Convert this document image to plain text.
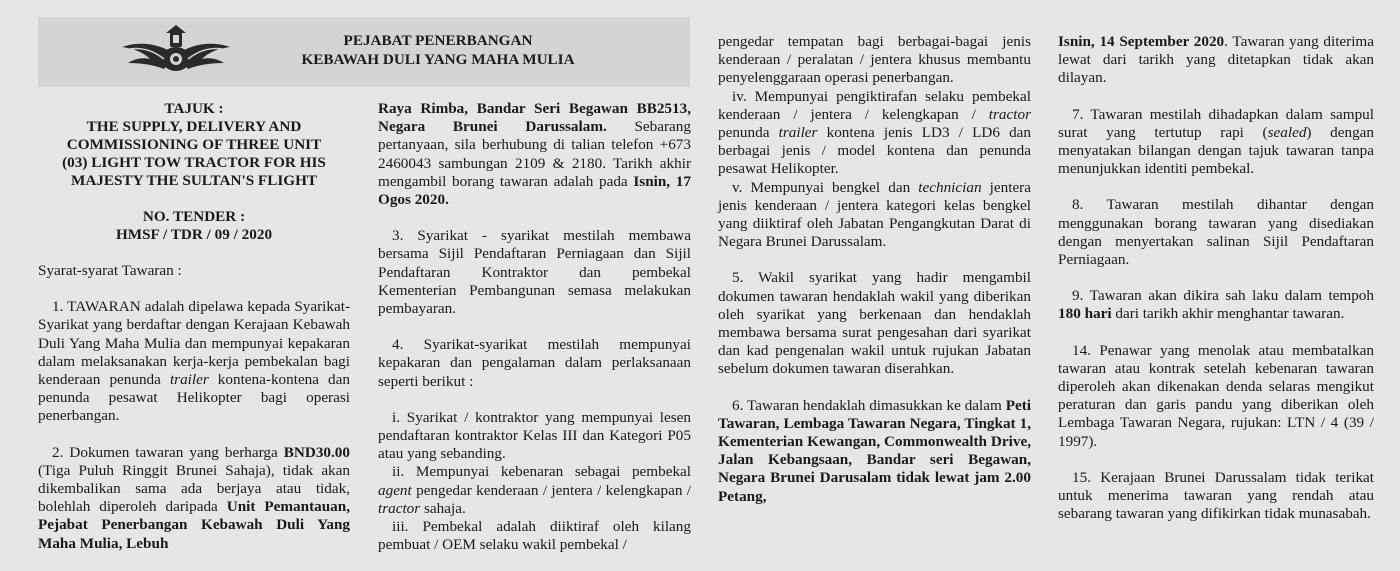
PEJABAT PENERBANGAN
KEBAWAH DULI YANG MAHA MULIA
TAJUK :
THE SUPPLY, DELIVERY AND
COMMISSIONING OF THREE UNIT
(03) LIGHT TOW TRACTOR FOR HIS
MAJESTY THE SULTAN'S FLIGHT
NO. TENDER :
HMSF / TDR / 09 / 2020

Syarat-syarat Tawaran :

1. TAWARAN adalah dipelawa kepada Syarikat-Syarikat yang berdaftar dengan Kerajaan Kebawah Duli Yang Maha Mulia dan mempunyai kepakaran dalam melaksanakan kerja-kerja pembekalan bagi kenderaan penunda trailer kontena-kontena dan penunda pesawat Helikopter bagi operasi penerbangan.

2. Dokumen tawaran yang berharga BND30.00 (Tiga Puluh Ringgit Brunei Sahaja), tidak akan dikembalikan sama ada berjaya atau tidak, bolehlah diperoleh daripada Unit Pemantauan, Pejabat Penerbangan Kebawah Duli Yang Maha Mulia, Lebuh

Raya Rimba, Bandar Seri Begawan BB2513, Negara Brunei Darussalam. Sebarang pertanyaan, sila berhubung di talian telefon +673 2460043 sambungan 2109 & 2180. Tarikh akhir mengambil borang tawaran adalah pada Isnin, 17 Ogos 2020.

3. Syarikat - syarikat mestilah membawa bersama Sijil Pendaftaran Perniagaan dan Sijil Pendaftaran Kontraktor dan pembekal Kementerian Pembangunan semasa melakukan pembayaran.

4. Syarikat-syarikat mestilah mempunyai kepakaran dan pengalaman dalam perlaksanaan seperti berikut :

i. Syarikat / kontraktor yang mempunyai lesen pendaftaran kontraktor Kelas III dan Kategori P05 atau yang sebanding.

ii. Mempunyai kebenaran sebagai pembekal agent pengedar kenderaan / jentera / kelengkapan / tractor sahaja.

iii. Pembekal adalah diiktiraf oleh kilang pembuat / OEM selaku wakil pembekal /

pengedar tempatan bagi berbagai-bagai jenis kenderaan / peralatan / jentera khusus membantu penyelenggaraan operasi penerbangan.

iv. Mempunyai pengiktirafan selaku pembekal kenderaan / jentera / kelengkapan / tractor penunda trailer kontena jenis LD3 / LD6 dan berbagai jenis / model kontena dan penunda pesawat Helikopter.

v. Mempunyai bengkel dan technician jentera jenis kenderaan / jentera kategori kelas bengkel yang diiktiraf oleh Jabatan Pengangkutan Darat di Negara Brunei Darussalam.

5. Wakil syarikat yang hadir mengambil dokumen tawaran hendaklah wakil yang diberikan oleh syarikat yang berkenaan dan hendaklah membawa bersama surat pengesahan dari syarikat dan kad pengenalan wakil untuk rujukan Jabatan sebelum dokumen tawaran diserahkan.

6. Tawaran hendaklah dimasukkan ke dalam Peti Tawaran, Lembaga Tawaran Negara, Tingkat 1, Kementerian Kewangan, Commonwealth Drive, Jalan Kebangsaan, Bandar seri Begawan, Negara Brunei Darusalam tidak lewat jam 2.00 Petang,

Isnin, 14 September 2020. Tawaran yang diterima lewat dari tarikh yang ditetapkan tidak akan dilayan.

7. Tawaran mestilah dihadapkan dalam sampul surat yang tertutup rapi (sealed) dengan menyatakan bilangan dengan tajuk tawaran tanpa menunjukkan identiti pembekal.

8. Tawaran mestilah dihantar dengan menggunakan borang tawaran yang disediakan dengan menyertakan salinan Sijil Pendaftaran Perniagaan.

9. Tawaran akan dikira sah laku dalam tempoh 180 hari dari tarikh akhir menghantar tawaran.

14. Penawar yang menolak atau membatalkan tawaran atau kontrak setelah kebenaran tawaran diperoleh akan dikenakan denda selaras mengikut peraturan dan garis pandu yang diberikan oleh Lembaga Tawaran Negara, rujukan: LTN / 4 (39 / 1997).

15. Kerajaan Brunei Darussalam tidak terikat untuk menerima tawaran yang rendah atau sebarang tawaran yang difikirkan tidak munasabah.
